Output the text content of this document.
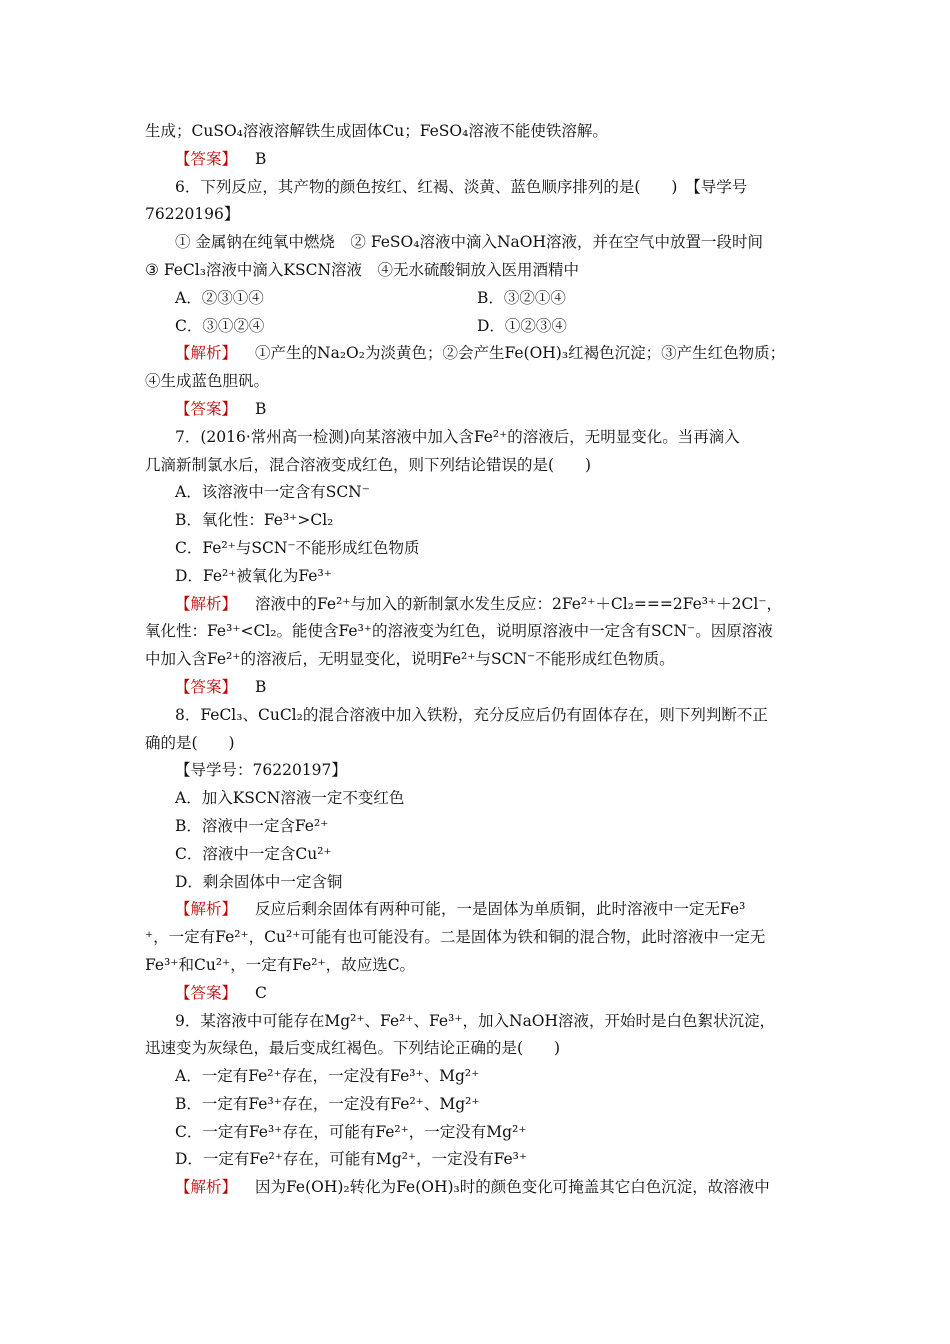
生成；CuSO₄溶液溶解铁生成固体Cu；FeSO₄溶液不能使铁溶解。
【答案】 B
6．下列反应，其产物的颜色按红、红褐、淡黄、蓝色顺序排列的是(　　)　【导学号
76220196】
① 金属钠在纯氧中燃烧　② FeSO₄溶液中滴入NaOH溶液，并在空气中放置一段时间
③ FeCl₃溶液中滴入KSCN溶液　④无水硫酸铜放入医用酒精中
A．②③①④	B．③②①④
C．③①②④	D．①②③④
【解析】 ①产生的Na₂O₂为淡黄色；②会产生Fe(OH)₃红褐色沉淀；③产生红色物质；
④生成蓝色胆矾。
【答案】 B
7．(2016·常州高一检测)向某溶液中加入含Fe²⁺的溶液后，无明显变化。当再滴入
几滴新制氯水后，混合溶液变成红色，则下列结论错误的是(　　)
A．该溶液中一定含有SCN⁻
B．氧化性：Fe³⁺>Cl₂
C．Fe²⁺与SCN⁻不能形成红色物质
D．Fe²⁺被氧化为Fe³⁺
【解析】 溶液中的Fe²⁺与加入的新制氯水发生反应：2Fe²⁺＋Cl₂===2Fe³⁺＋2Cl⁻，
氧化性：Fe³⁺<Cl₂。能使含Fe³⁺的溶液变为红色，说明原溶液中一定含有SCN⁻。因原溶液
中加入含Fe²⁺的溶液后，无明显变化，说明Fe²⁺与SCN⁻不能形成红色物质。
【答案】 B
8．FeCl₃、CuCl₂的混合溶液中加入铁粉，充分反应后仍有固体存在，则下列判断不正
确的是(　　)
【导学号：76220197】
A．加入KSCN溶液一定不变红色
B．溶液中一定含Fe²⁺
C．溶液中一定含Cu²⁺
D．剩余固体中一定含铜
【解析】 反应后剩余固体有两种可能，一是固体为单质铜，此时溶液中一定无Fe³
⁺，一定有Fe²⁺，Cu²⁺可能有也可能没有。二是固体为铁和铜的混合物，此时溶液中一定无
Fe³⁺和Cu²⁺，一定有Fe²⁺，故应选C。
【答案】 C
9．某溶液中可能存在Mg²⁺、Fe²⁺、Fe³⁺，加入NaOH溶液，开始时是白色絮状沉淀，
迅速变为灰绿色，最后变成红褐色。下列结论正确的是(　　)
A．一定有Fe²⁺存在，一定没有Fe³⁺、Mg²⁺
B．一定有Fe³⁺存在，一定没有Fe²⁺、Mg²⁺
C．一定有Fe³⁺存在，可能有Fe²⁺，一定没有Mg²⁺
D．一定有Fe²⁺存在，可能有Mg²⁺，一定没有Fe³⁺
【解析】 因为Fe(OH)₂转化为Fe(OH)₃时的颜色变化可掩盖其它白色沉淀，故溶液中
